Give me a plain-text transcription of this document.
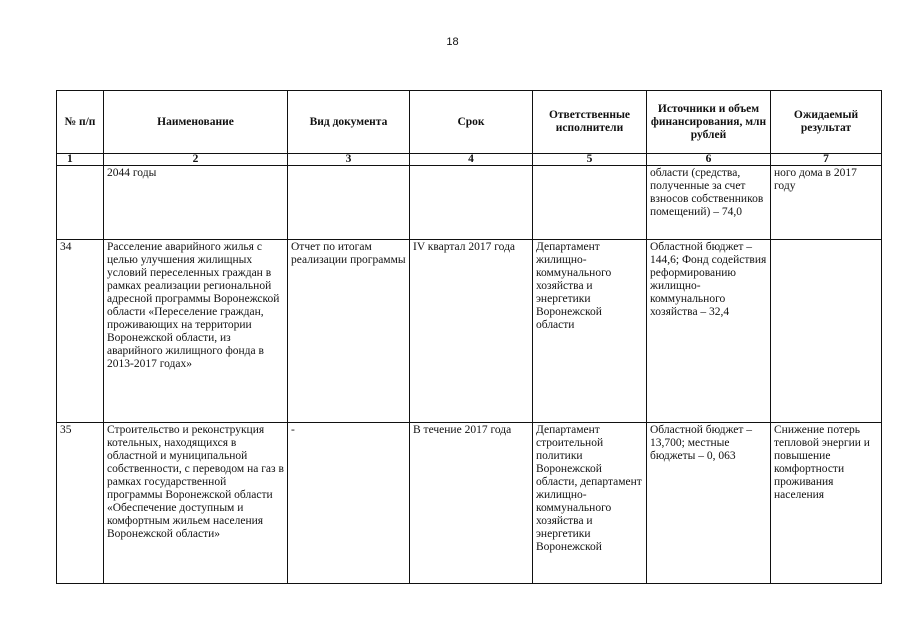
18
№ п/п	Наименование	Вид документа	Срок	Ответственные исполнители	Источники и объем финансирования, млн рублей	Ожидаемый результат
1	2	3	4	5	6	7
	2044 годы				области (средства, полученные за счет взносов собственников помещений) – 74,0	ного дома в 2017 году
34	Расселение аварийного жилья с целью улучшения жилищных условий переселенных граждан в рамках реализации региональной адресной программы Воронежской области «Переселение граждан, проживающих на территории Воронежской области, из аварийного жилищного фонда в 2013-2017 годах»	Отчет по итогам реализации программы	IV квартал 2017 года	Департамент жилищно-коммунального хозяйства и энергетики Воронежской области	Областной бюджет – 144,6; Фонд содействия реформированию жилищно-коммунального хозяйства – 32,4	
35	Строительство и реконструкция котельных, находящихся в областной и муниципальной собственности, с переводом на газ в рамках государственной программы Воронежской области «Обеспечение доступным и комфортным жильем населения Воронежской области»	-	В течение 2017 года	Департамент строительной политики Воронежской области, департамент жилищно-коммунального хозяйства и энергетики Воронежской	Областной бюджет – 13,700; местные бюджеты – 0, 063	Снижение потерь тепловой энергии и повышение комфортности проживания населения
